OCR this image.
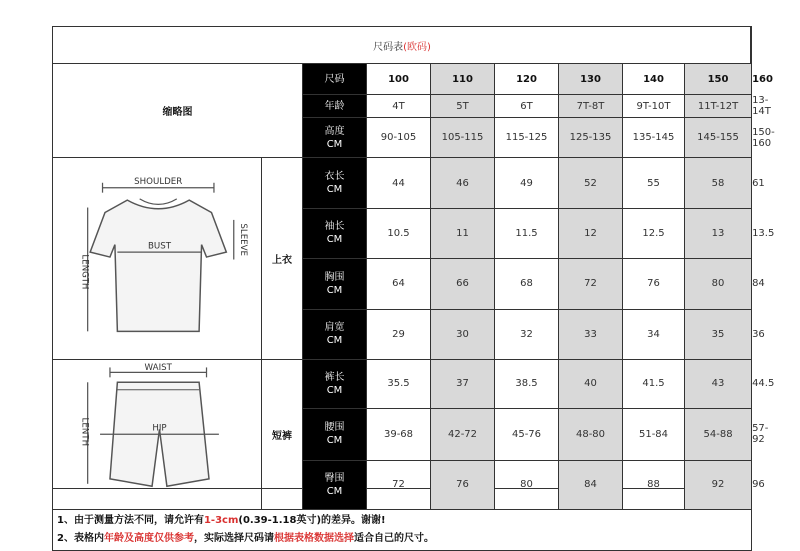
尺码表(欧码)									
缩略图		尺码	100	110	120	130	140	150	160
		年龄	4T	5T	6T	7T-8T	9T-10T	11T-12T	13-14T
		高度
CM	90-105	105-115	115-125	125-135	135-145	145-155	150-160

SHOULDER
BUST
LENGTH
SLEEVE	上衣	衣长
CM	44	46	49	52	55	58	61
		袖长
CM	10.5	11	11.5	12	12.5	13	13.5
		胸围
CM	64	66	68	72	76	80	84
		肩宽
CM	29	30	32	33	34	35	36

WAIST
HIP
LENTH	短裤	裤长
CM	35.5	37	38.5	40	41.5	43	44.5
		腰围
CM	39-68	42-72	45-76	48-80	51-84	54-88	57-92
		臀围
CM	72	76	80	84	88	92	96

1、由于测量方法不同，请允许有1-3cm(0.39-1.18英寸)的差异。谢谢!
2、表格内年龄及高度仅供参考，实际选择尺码请根据表格数据选择适合自己的尺寸。									
